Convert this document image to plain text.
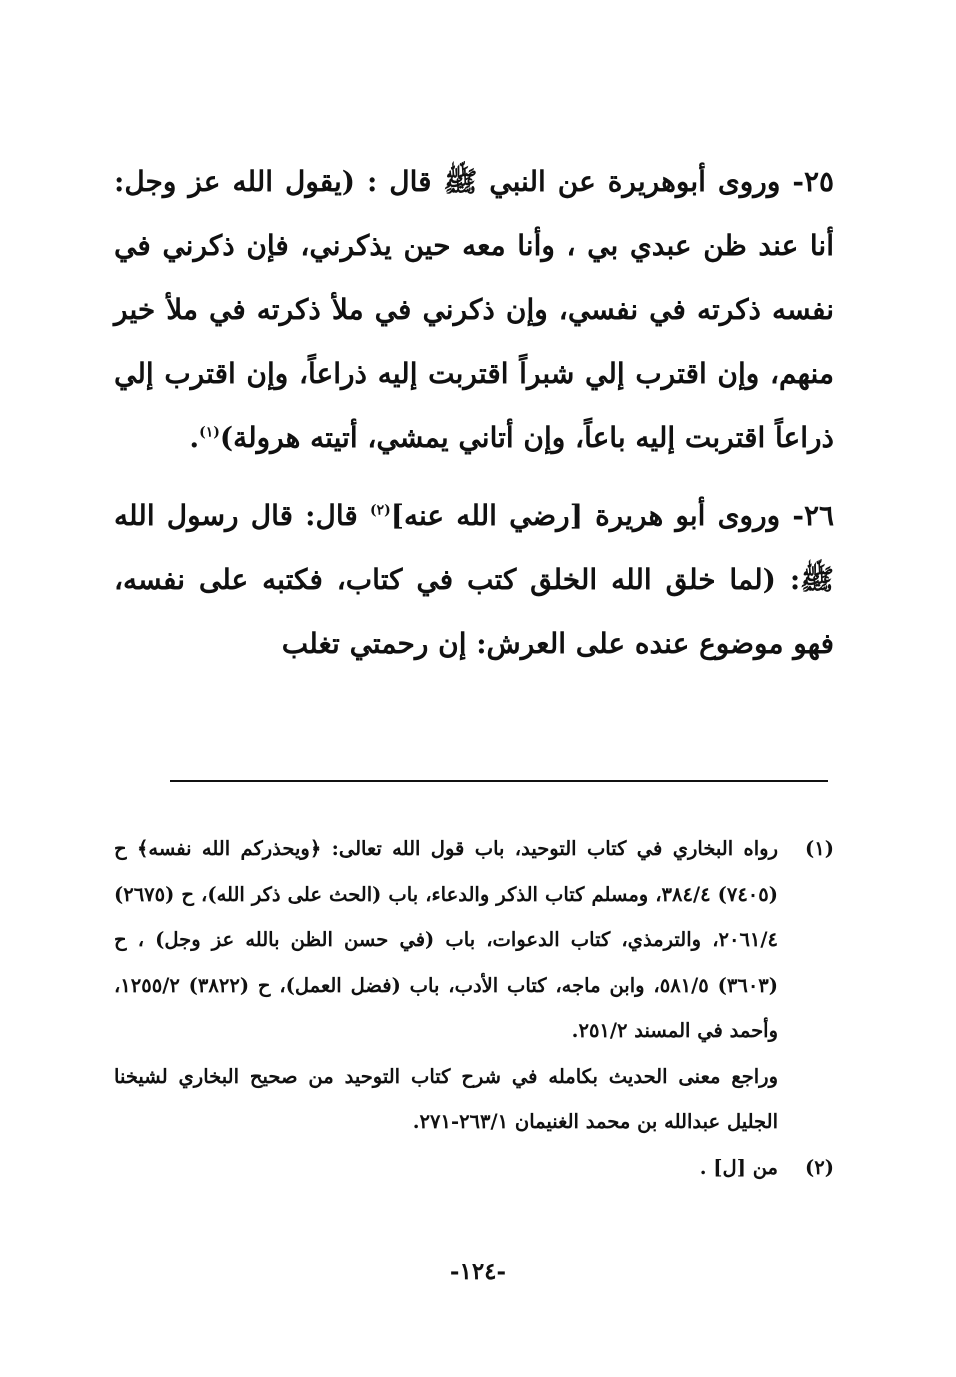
٢٥- وروى أبوهريرة عن النبي ﷺ قال : (يقول الله عز وجل: أنا عند ظن عبدي بي ، وأنا معه حين يذكرني، فإن ذكرني في نفسه ذكرته في نفسي، وإن ذكرني في ملأ ذكرته في ملأ خير منهم، وإن اقترب إلي شبراً اقتربت إليه ذراعاً، وإن اقترب إلي ذراعاً اقتربت إليه باعاً، وإن أتاني يمشي، أتيته هرولة)$^{(١)}$.

٢٦- وروى أبو هريرة [رضي الله عنه]$^{(٢)}$ قال: قال رسول الله ﷺ: (لما خلق الله الخلق كتب في كتاب، فكتبه على نفسه، فهو موضوع عنده على العرش: إن رحمتي تغلب

(١)
رواه البخاري في كتاب التوحيد، باب قول الله تعالى: ﴿ويحذركم الله نفسه﴾ ح (٧٤٠٥) ٣٨٤/٤، ومسلم كتاب الذكر والدعاء، باب (الحث على ذكر الله)، ح (٢٦٧٥) ٢٠٦١/٤، والترمذي، كتاب الدعوات، باب (في حسن الظن بالله عز وجل) ، ح (٣٦٠٣) ٥٨١/٥، وابن ماجه، كتاب الأدب، باب (فضل العمل)، ح (٣٨٢٢) ١٢٥٥/٢، وأحمد في المسند ٢٥١/٢.

وراجع معنى الحديث بكامله في شرح كتاب التوحيد من صحيح البخاري لشيخنا الجليل عبدالله بن محمد الغنيمان ٢٦٣/١-٢٧١.

(٢)
من [ل] .

-١٢٤-
